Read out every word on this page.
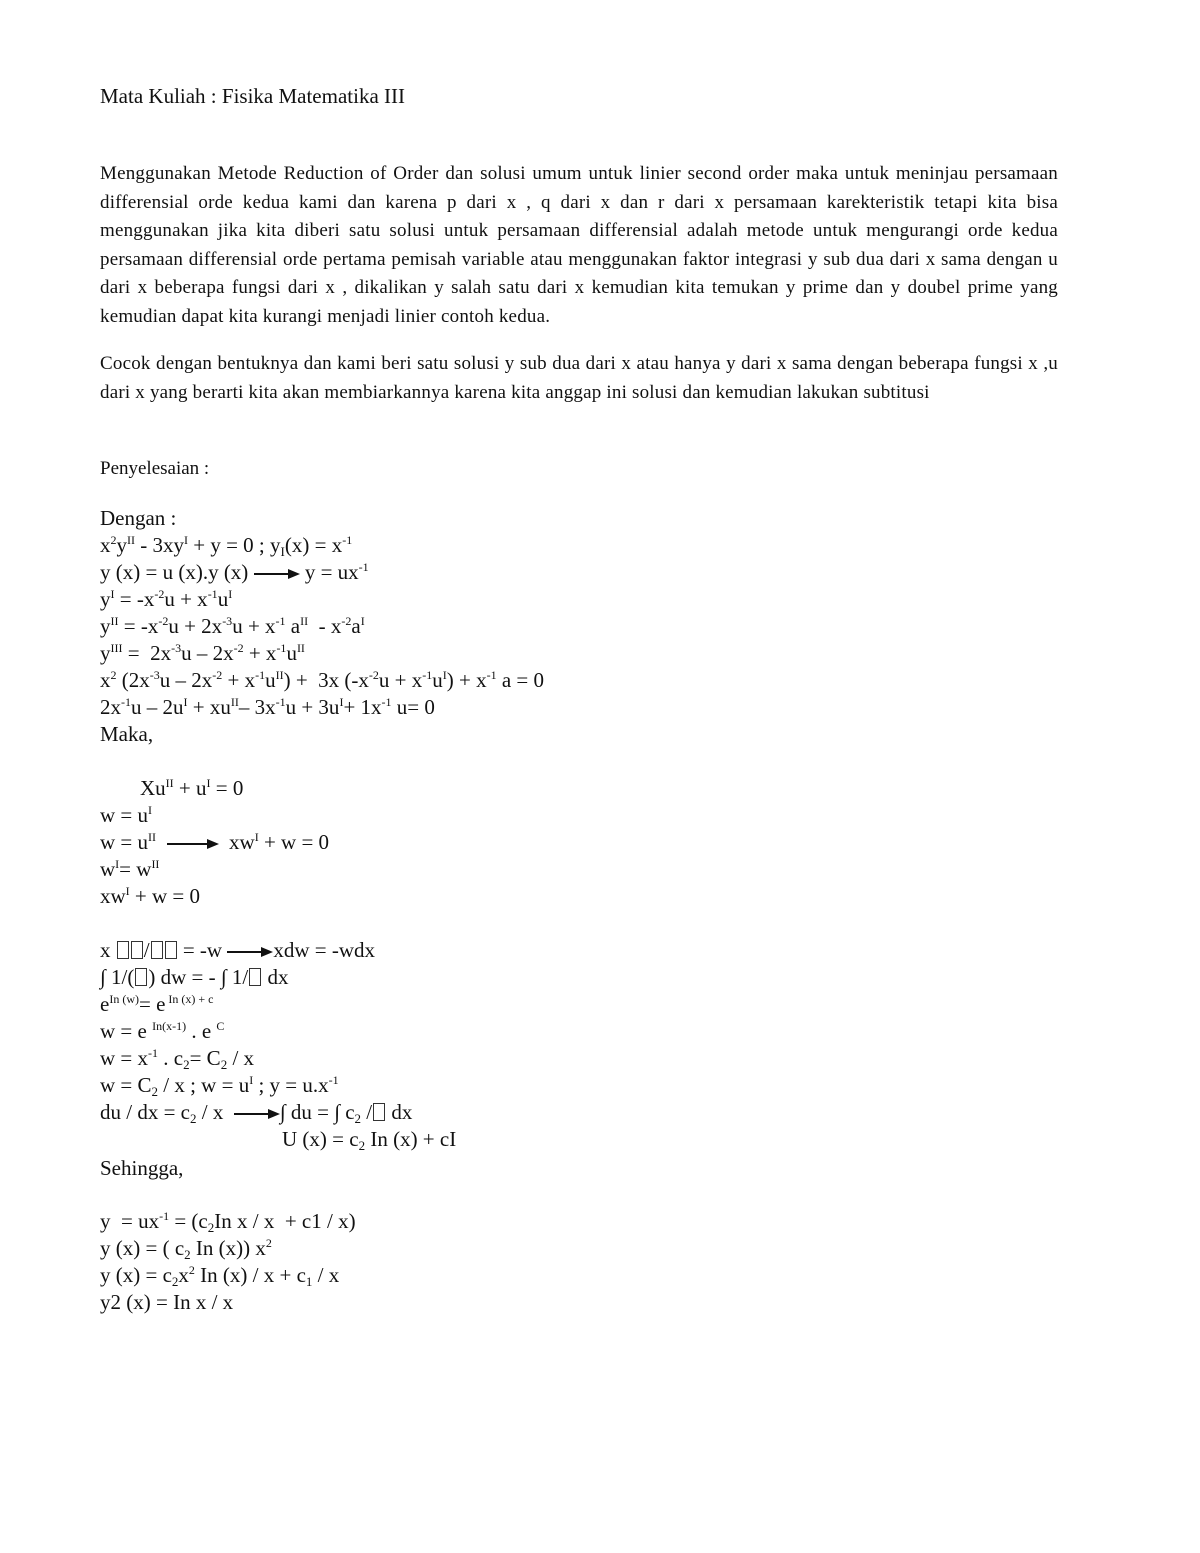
Mata Kuliah : Fisika Matematika III
Menggunakan Metode Reduction of Order dan solusi umum untuk linier second order maka untuk meninjau persamaan differensial orde kedua kami dan karena p dari x , q dari x dan r dari x persamaan karekteristik tetapi kita bisa menggunakan jika kita diberi satu solusi untuk persamaan differensial adalah metode untuk mengurangi orde kedua persamaan differensial orde pertama pemisah variable atau menggunakan faktor integrasi y sub dua dari x sama dengan u dari x beberapa fungsi dari x , dikalikan y salah satu dari x kemudian kita temukan y prime dan y doubel prime yang kemudian dapat kita kurangi menjadi linier contoh kedua.
Cocok dengan bentuknya dan kami beri satu solusi y sub dua dari x atau hanya y dari x sama dengan beberapa fungsi x ,u dari x yang berarti kita akan membiarkannya karena kita anggap ini solusi dan kemudian lakukan subtitusi
Penyelesaian :
Dengan :
$x^2y^{II} - 3xy^I + y = 0$ ; $y_I(x) = x^{-1}$
y (x) = u (x).y (x)
$y = ux^{-1}$
$y^I = -x^{-2}u + x^{-1}u^I$
$y^{II} = -x^{-2}u + 2x^{-3}u + x^{-1}$ $a^{II} - x^{-2}a^I$
$y^{III} = 2x^{-3}u - 2x^{-2} + x^{-1}u^{II}$
$x^2$ $(2x^{-3}u - 2x^{-2} + x^{-1}u^{II}) + 3x$ $(-x^{-2}u + x^{-1}u^I) + x^{-1}$ a = 0
$2x^{-1}u - 2u^I + xu^{II}-$ $3x^{-1}u + 3u^I+ 1x^{-1}$ u= 0
Maka,
$Xu^{II} + u^I = 0$
$w = u^I$
$w = u^{II}$	$xw^I + w = 0$
$w^I= w^{II}$
$xw^I + w = 0$
x / = -w
xdw = -wdx
∫ 1/( ) dw = - ∫ 1/ dx
$e^{In (w)}= e$ $^{In (x) + c}$
w = e $^{In(x-1)}$ . e $^C$
$w = x^{-1}$ . $c_2= C_2 / x$
$w = C_2 / x$ ; $w = u^I$ ; $y = u.x^{-1}$
du / dx = $c_2$ / x
∫ du = ∫ $c_2$ / dx
U $(x) = c_2$ In (x) + cI
Sehingga,
$y = ux^{-1} = (c_2In$ x / x  + c1 / x)
y (x) = ( $c_2$ In (x)) $x^2$
y $(x) = c_2x^2$ In $(x) / x + c_1 / x$
y2 (x) = In x / x
